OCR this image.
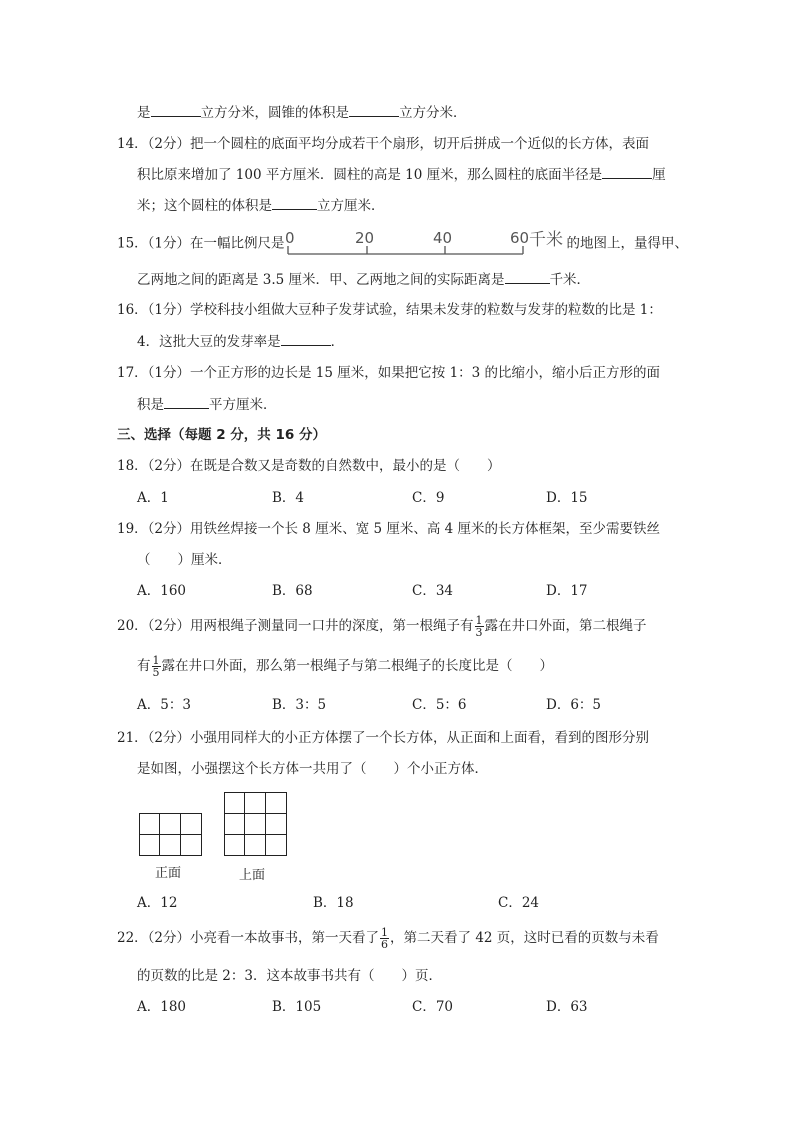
是	立方分米，圆锥的体积是	立方分米．
14．（2分）把一个圆柱的底面平均分成若干个扇形，切开后拼成一个近似的长方体，表面
积比原来增加了 100 平方厘米．圆柱的高是 10 厘米，那么圆柱的底面半径是	厘
米；这个圆柱的体积是	立方厘米．
15．（1分）在一幅比例尺是 0	20	40	60 千米 的地图上，量得甲、
乙两地之间的距离是 3.5 厘米．甲、乙两地之间的实际距离是	千米．
16．（1分）学校科技小组做大豆种子发芽试验，结果未发芽的粒数与发芽的粒数的比是 1：
4．这批大豆的发芽率是	．
17．（1分）一个正方形的边长是 15 厘米，如果把它按 1：3 的比缩小，缩小后正方形的面
积是	平方厘米．
三、选择（每题 2 分，共 16 分）
18．（2分）在既是合数又是奇数的自然数中，最小的是（　　）
A．1	B．4	C．9	D．15
19．（2分）用铁丝焊接一个长 8 厘米、宽 5 厘米、高 4 厘米的长方体框架，至少需要铁丝
（　　）厘米．
A．160	B．68	C．34	D．17
20．（2分）用两根绳子测量同一口井的深度，第一根绳子有 $\frac{1}{3}$ 露在井口外面，第二根绳子
有 $\frac{1}{5}$ 露在井口外面，那么第一根绳子与第二根绳子的长度比是（　　）
A．5：3	B．3：5	C．5：6	D．6：5
21．（2分）小强用同样大的小正方体摆了一个长方体，从正面和上面看，看到的图形分别
是如图，小强摆这个长方体一共用了（　　）个小正方体．
正面	上面
A．12	B．18	C．24
22．（2分）小亮看一本故事书，第一天看了 $\frac{1}{6}$ ，第二天看了 42 页，这时已看的页数与未看
的页数的比是 2：3．这本故事书共有（　　）页．
A．180	B．105	C．70	D．63
